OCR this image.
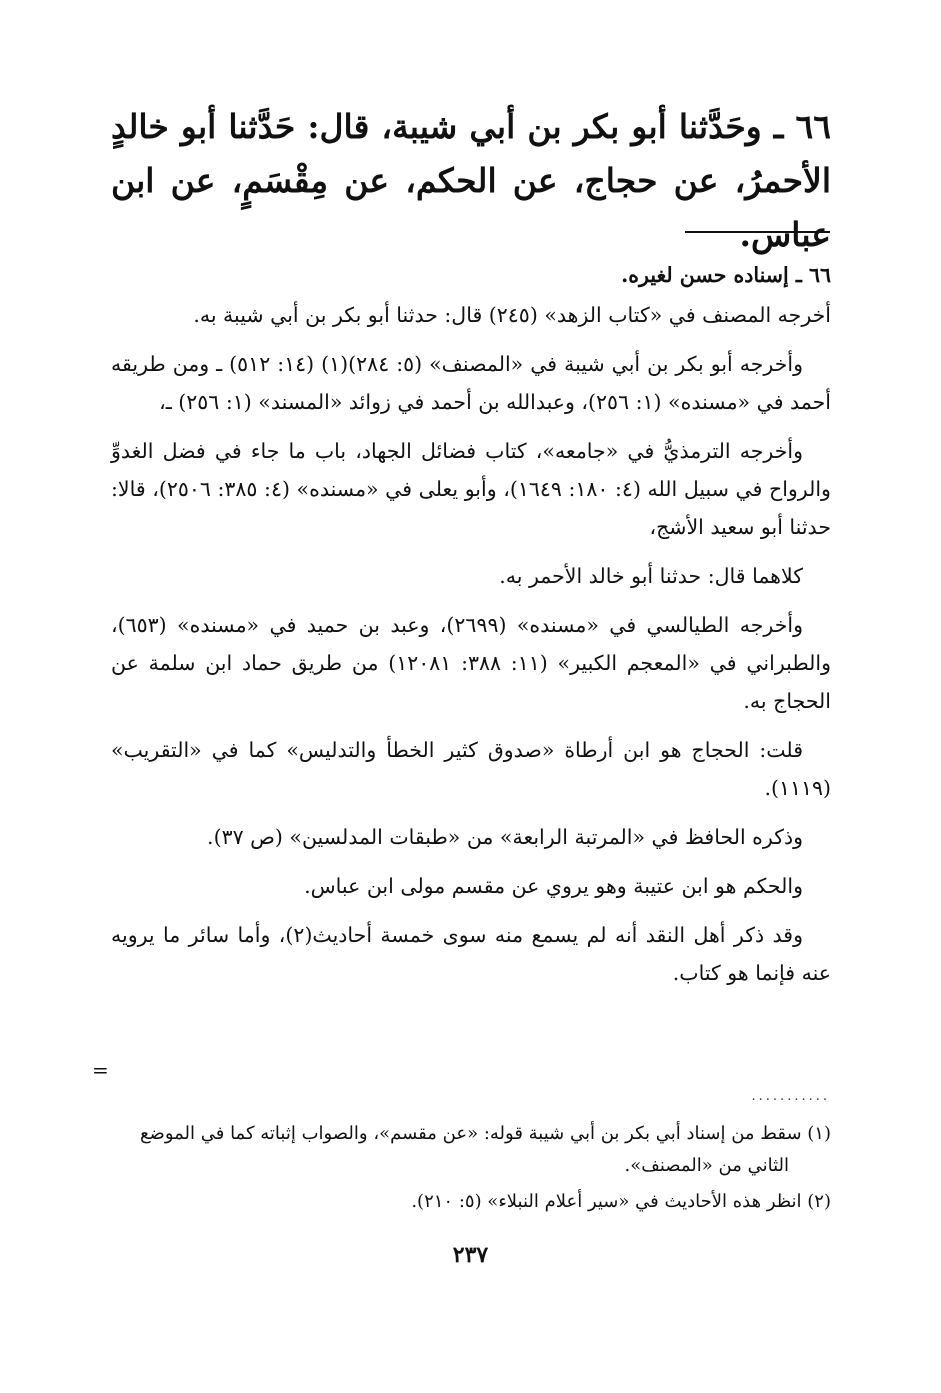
٦٦ ـ وحَدَّثنا أبو بكر بن أبي شيبة، قال: حَدَّثنا أبو خالدٍ الأحمرُ، عن حجاج، عن الحكم، عن مِقْسَمٍ، عن ابن عباس.

٦٦ ـ إسناده حسن لغيره.

أخرجه المصنف في «كتاب الزهد» (٢٤٥) قال: حدثنا أبو بكر بن أبي شيبة به.

وأخرجه أبو بكر بن أبي شيبة في «المصنف» (٥: ٢٨٤)(١) (١٤: ٥١٢) ـ ومن طريقه أحمد في «مسنده» (١: ٢٥٦)، وعبدالله بن أحمد في زوائد «المسند» (١: ٢٥٦) ـ،

وأخرجه الترمذيُّ في «جامعه»، كتاب فضائل الجهاد، باب ما جاء في فضل الغدوِّ والرواح في سبيل الله (٤: ١٨٠: ١٦٤٩)، وأبو يعلى في «مسنده» (٤: ٣٨٥: ٢٥٠٦)، قالا: حدثنا أبو سعيد الأشج،

كلاهما قال: حدثنا أبو خالد الأحمر به.

وأخرجه الطيالسي في «مسنده» (٢٦٩٩)، وعبد بن حميد في «مسنده» (٦٥٣)، والطبراني في «المعجم الكبير» (١١: ٣٨٨: ١٢٠٨١) من طريق حماد ابن سلمة عن الحجاج به.

قلت: الحجاج هو ابن أرطاة «صدوق كثير الخطأ والتدليس» كما في «التقريب» (١١١٩).

وذكره الحافظ في «المرتبة الرابعة» من «طبقات المدلسين» (ص ٣٧).

والحكم هو ابن عتيبة وهو يروي عن مقسم مولى ابن عباس.

وقد ذكر أهل النقد أنه لم يسمع منه سوى خمسة أحاديث(٢)، وأما سائر ما يرويه عنه فإنما هو كتاب.

=
...........

(١) سقط من إسناد أبي بكر بن أبي شيبة قوله: «عن مقسم»، والصواب إثباته كما في الموضع
الثاني من «المصنف».

(٢) انظر هذه الأحاديث في «سير أعلام النبلاء» (٥: ٢١٠).

٢٣٧
